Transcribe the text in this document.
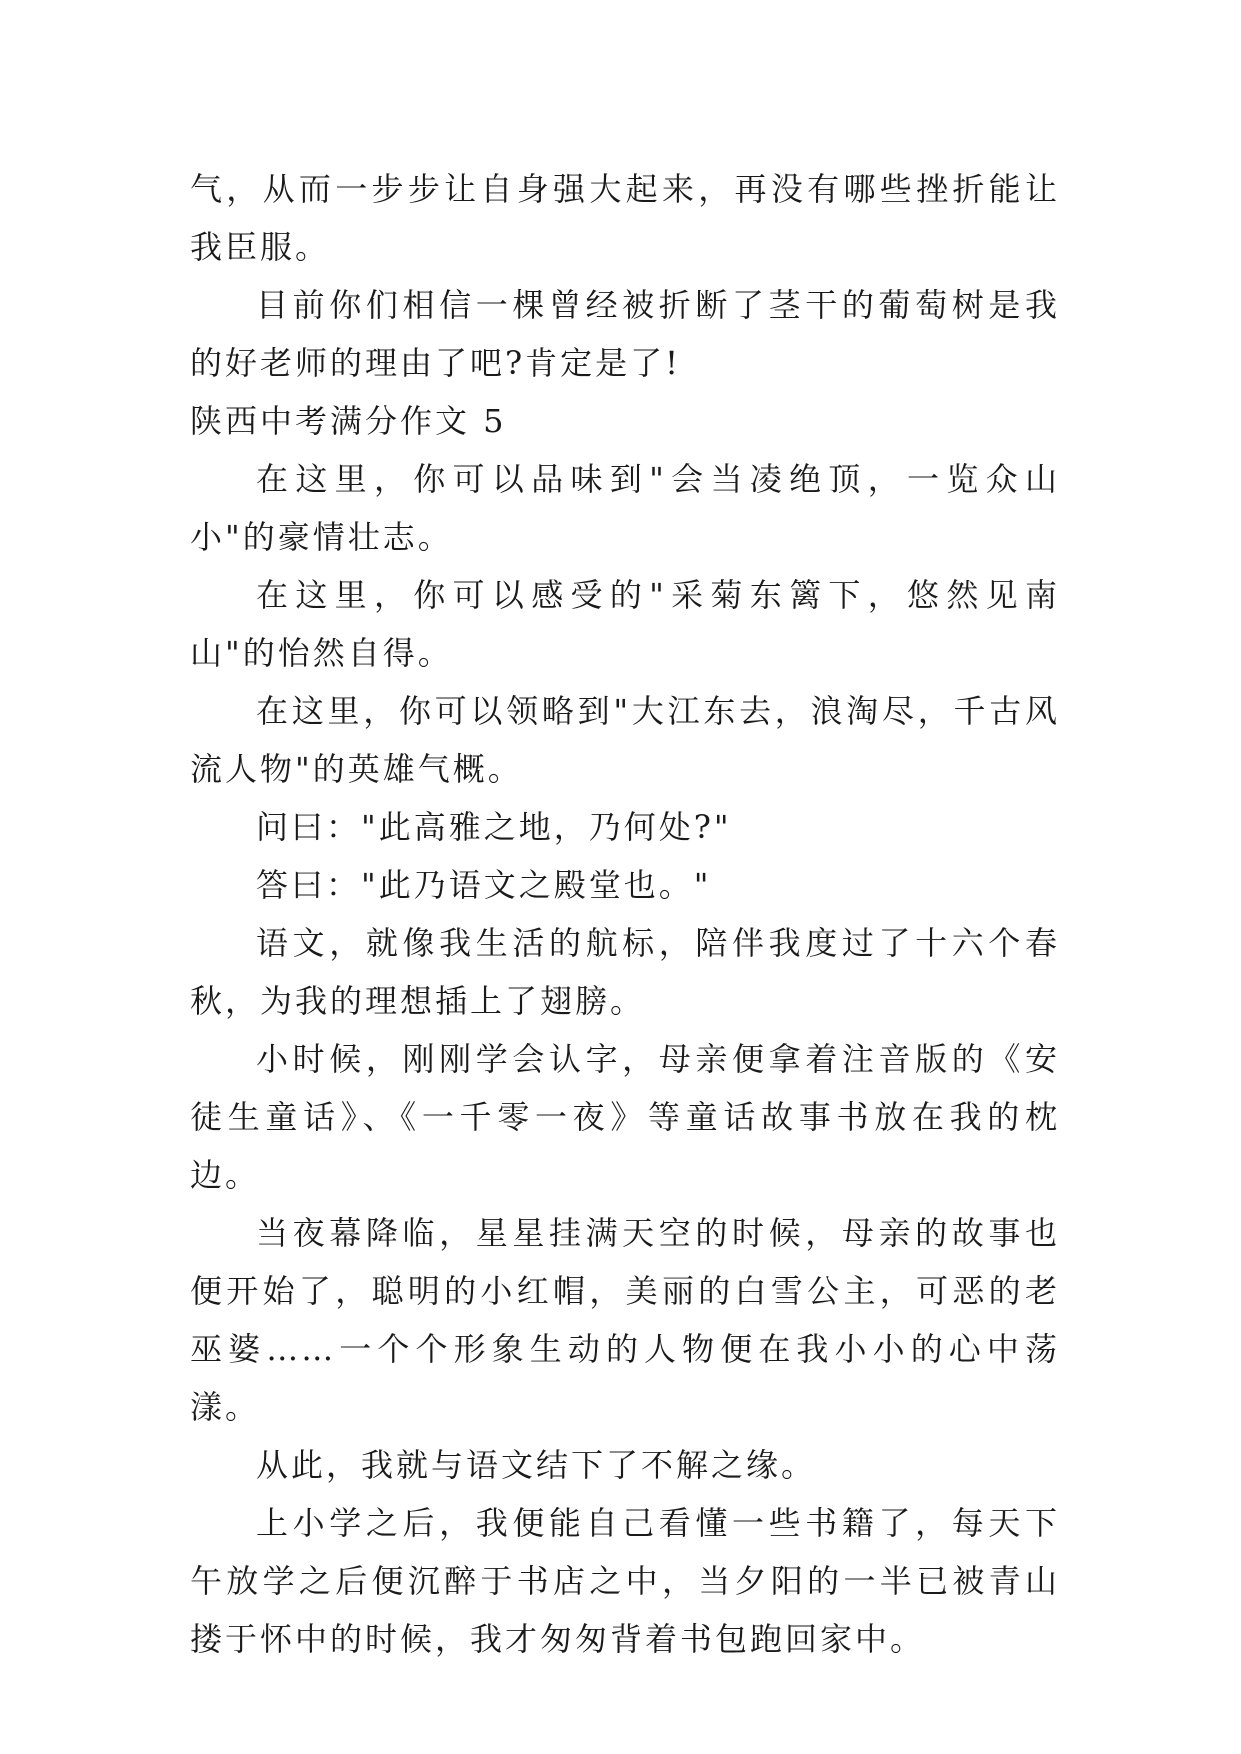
气，从而一步步让自身强大起来，再没有哪些挫折能让我臣服。

目前你们相信一棵曾经被折断了茎干的葡萄树是我的好老师的理由了吧?肯定是了!

陕西中考满分作文 5

在这里，你可以品味到"会当凌绝顶，一览众山小"的豪情壮志。

在这里，你可以感受的"采菊东篱下，悠然见南山"的怡然自得。

在这里，你可以领略到"大江东去，浪淘尽，千古风流人物"的英雄气概。

问曰："此高雅之地，乃何处?"

答曰："此乃语文之殿堂也。"

语文，就像我生活的航标，陪伴我度过了十六个春秋，为我的理想插上了翅膀。

小时候，刚刚学会认字，母亲便拿着注音版的《安徒生童话》、《一千零一夜》等童话故事书放在我的枕边。

当夜幕降临，星星挂满天空的时候，母亲的故事也便开始了，聪明的小红帽，美丽的白雪公主，可恶的老巫婆……一个个形象生动的人物便在我小小的心中荡漾。

从此，我就与语文结下了不解之缘。

上小学之后，我便能自己看懂一些书籍了，每天下午放学之后便沉醉于书店之中，当夕阳的一半已被青山搂于怀中的时候，我才匆匆背着书包跑回家中。
